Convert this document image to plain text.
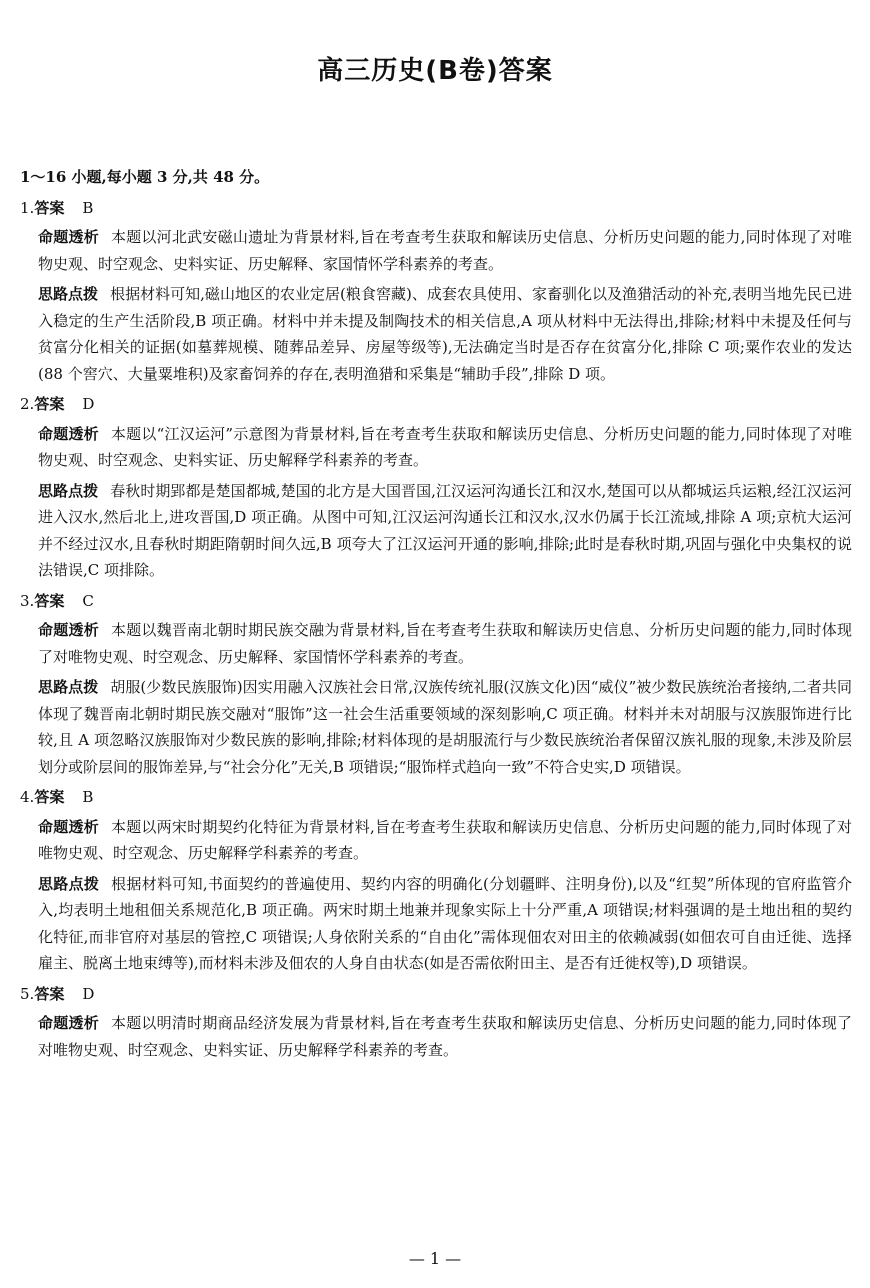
高三历史(B卷)答案

1～16 小题,每小题 3 分,共 48 分。

1.答案 B

命题透析 本题以河北武安磁山遗址为背景材料,旨在考查考生获取和解读历史信息、分析历史问题的能力,同时体现了对唯物史观、时空观念、史料实证、历史解释、家国情怀学科素养的考查。

思路点拨 根据材料可知,磁山地区的农业定居(粮食窖藏)、成套农具使用、家畜驯化以及渔猎活动的补充,表明当地先民已进入稳定的生产生活阶段,B 项正确。材料中并未提及制陶技术的相关信息,A 项从材料中无法得出,排除;材料中未提及任何与贫富分化相关的证据(如墓葬规模、随葬品差异、房屋等级等),无法确定当时是否存在贫富分化,排除 C 项;粟作农业的发达(88 个窖穴、大量粟堆积)及家畜饲养的存在,表明渔猎和采集是“辅助手段”,排除 D 项。

2.答案 D

命题透析 本题以“江汉运河”示意图为背景材料,旨在考查考生获取和解读历史信息、分析历史问题的能力,同时体现了对唯物史观、时空观念、史料实证、历史解释学科素养的考查。

思路点拨 春秋时期郢都是楚国都城,楚国的北方是大国晋国,江汉运河沟通长江和汉水,楚国可以从都城运兵运粮,经江汉运河进入汉水,然后北上,进攻晋国,D 项正确。从图中可知,江汉运河沟通长江和汉水,汉水仍属于长江流域,排除 A 项;京杭大运河并不经过汉水,且春秋时期距隋朝时间久远,B 项夸大了江汉运河开通的影响,排除;此时是春秋时期,巩固与强化中央集权的说法错误,C 项排除。

3.答案 C

命题透析 本题以魏晋南北朝时期民族交融为背景材料,旨在考查考生获取和解读历史信息、分析历史问题的能力,同时体现了对唯物史观、时空观念、历史解释、家国情怀学科素养的考查。

思路点拨 胡服(少数民族服饰)因实用融入汉族社会日常,汉族传统礼服(汉族文化)因“威仪”被少数民族统治者接纳,二者共同体现了魏晋南北朝时期民族交融对“服饰”这一社会生活重要领域的深刻影响,C 项正确。材料并未对胡服与汉族服饰进行比较,且 A 项忽略汉族服饰对少数民族的影响,排除;材料体现的是胡服流行与少数民族统治者保留汉族礼服的现象,未涉及阶层划分或阶层间的服饰差异,与“社会分化”无关,B 项错误;“服饰样式趋向一致”不符合史实,D 项错误。

4.答案 B

命题透析 本题以两宋时期契约化特征为背景材料,旨在考查考生获取和解读历史信息、分析历史问题的能力,同时体现了对唯物史观、时空观念、历史解释学科素养的考查。

思路点拨 根据材料可知,书面契约的普遍使用、契约内容的明确化(分划疆畔、注明身份),以及“红契”所体现的官府监管介入,均表明土地租佃关系规范化,B 项正确。两宋时期土地兼并现象实际上十分严重,A 项错误;材料强调的是土地出租的契约化特征,而非官府对基层的管控,C 项错误;人身依附关系的“自由化”需体现佃农对田主的依赖减弱(如佃农可自由迁徙、选择雇主、脱离土地束缚等),而材料未涉及佃农的人身自由状态(如是否需依附田主、是否有迁徙权等),D 项错误。

5.答案 D

命题透析 本题以明清时期商品经济发展为背景材料,旨在考查考生获取和解读历史信息、分析历史问题的能力,同时体现了对唯物史观、时空观念、史料实证、历史解释学科素养的考查。

— 1 —
